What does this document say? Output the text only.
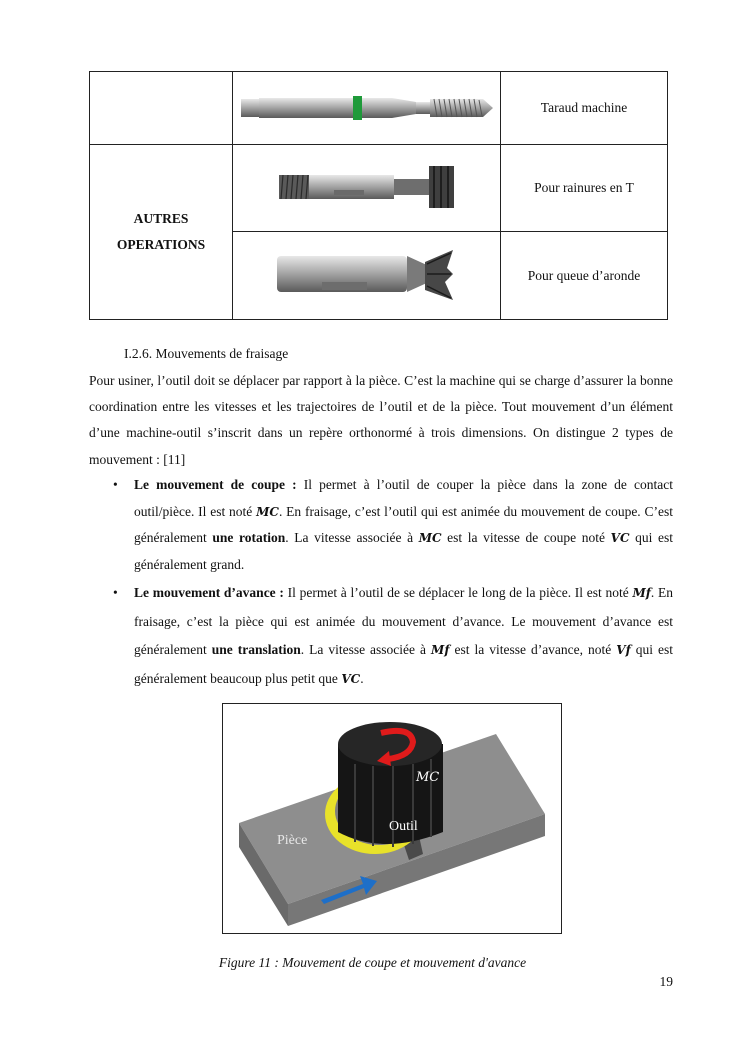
	Taraud machine

AUTRES
OPERATIONS		Pour rainures en T

	Pour queue d’aronde
I.2.6. Mouvements de fraisage

Pour usiner, l’outil doit se déplacer par rapport à la pièce. C’est la machine qui se charge d’assurer la bonne coordination entre les vitesses et les trajectoires de l’outil et de la pièce. Tout mouvement d’un élément d’une machine-outil s’inscrit dans un repère orthonormé à trois dimensions. On distingue 2 types de mouvement : [11]

• Le mouvement de coupe : Il permet à l’outil de couper la pièce dans la zone de contact outil/pièce. Il est noté 𝑴𝑪. En fraisage, c’est l’outil qui est animée du mouvement de coupe. C’est généralement une rotation. La vitesse associée à 𝑴𝑪 est la vitesse de coupe noté 𝑽𝑪 qui est généralement grand.
• Le mouvement d’avance : Il permet à l’outil de se déplacer le long de la pièce. Il est noté 𝑴𝒇. En fraisage, c’est la pièce qui est animée du mouvement d’avance. Le mouvement d’avance est généralement une translation. La vitesse associée à 𝑴𝒇 est la vitesse d’avance, noté 𝑽𝒇 qui est généralement beaucoup plus petit que 𝑽𝑪.
Pièce
Outil
𝑀𝐶
Figure 11 : Mouvement de coupe et mouvement d'avance
19
